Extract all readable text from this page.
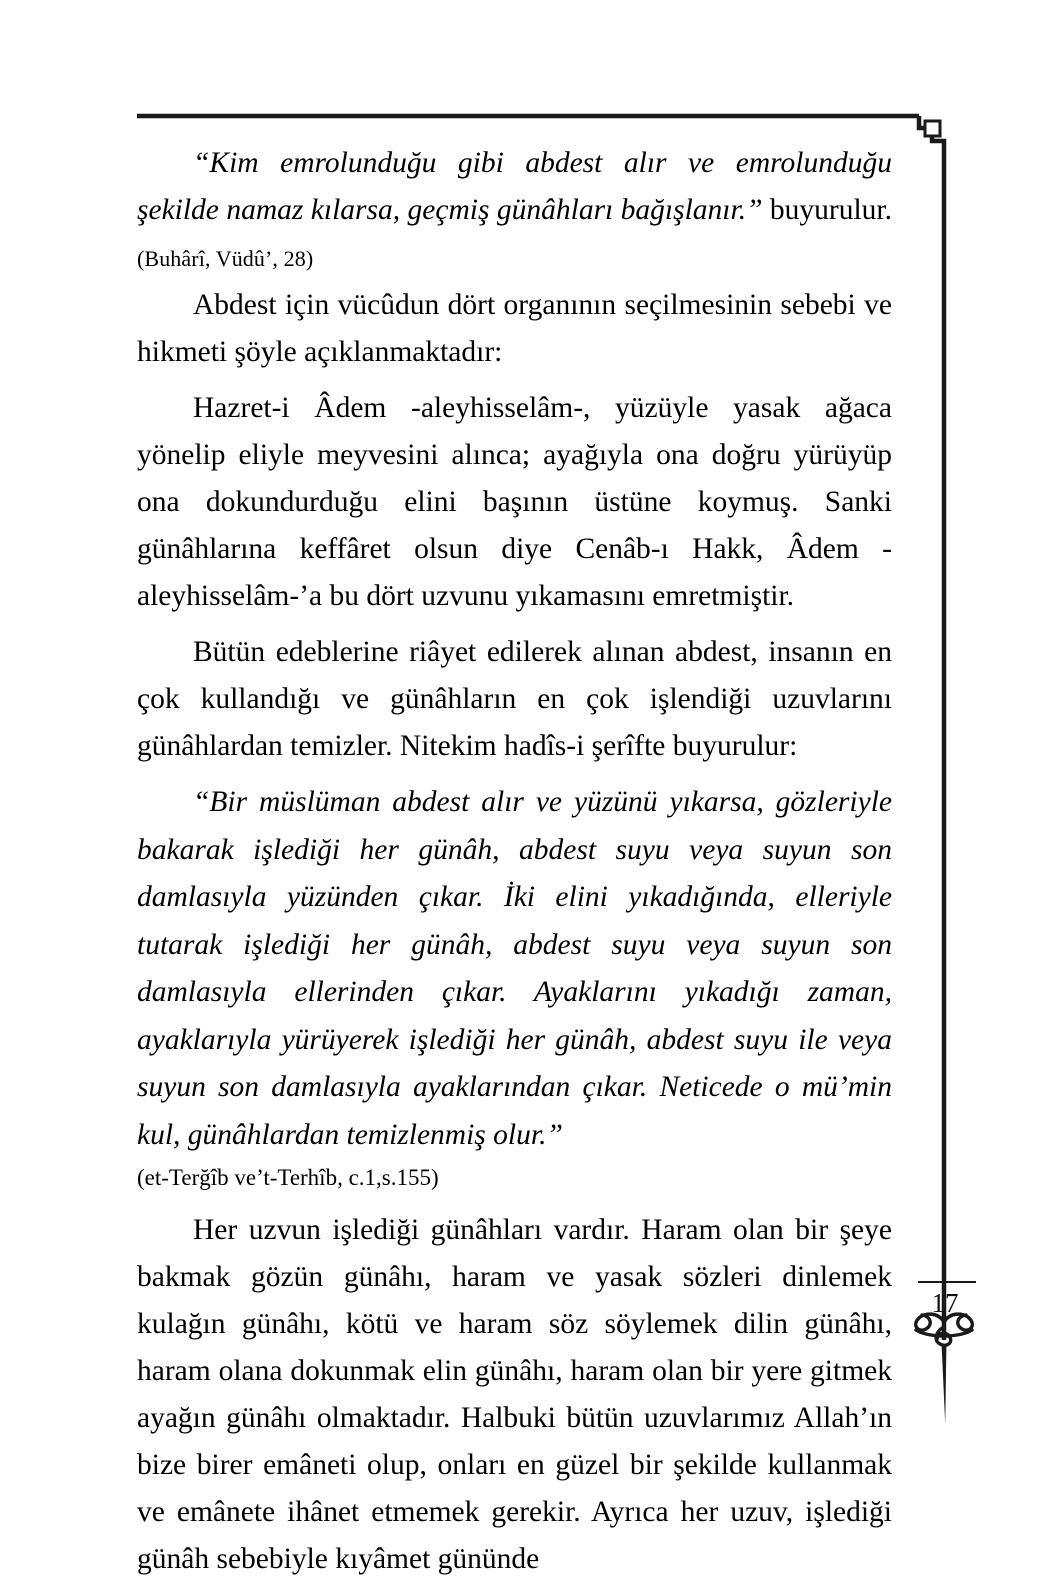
17

“Kim emrolunduğu gibi abdest alır ve emrolunduğu şekilde namaz kılarsa, geçmiş günâhları bağışlanır.” buyurulur. (Buhârî, Vüdû’, 28)

Abdest için vücûdun dört organının seçilmesinin sebebi ve hikmeti şöyle açıklanmaktadır:

Hazret-i Âdem -aleyhisselâm-, yüzüyle yasak ağaca yönelip eliyle meyvesini alınca; ayağıyla ona doğru yürüyüp ona dokundurduğu elini başının üstüne koymuş. Sanki günâhlarına keffâret olsun diye Cenâb-ı Hakk, Âdem -aleyhisselâm-’a bu dört uzvunu yıkamasını emretmiştir.

Bütün edeblerine riâyet edilerek alınan abdest, insanın en çok kullandığı ve günâhların en çok işlendiği uzuvlarını günâhlardan temizler. Nitekim hadîs-i şerîfte buyurulur:

“Bir müslüman abdest alır ve yüzünü yıkarsa, gözleriyle bakarak işlediği her günâh, abdest suyu veya suyun son damlasıyla yüzünden çıkar. İki elini yıkadığında, elleriyle tutarak işlediği her günâh, abdest suyu veya suyun son damlasıyla ellerinden çıkar. Ayaklarını yıkadığı zaman, ayaklarıyla yürüyerek işlediği her günâh, abdest suyu ile veya suyun son damlasıyla ayaklarından çıkar. Neticede o mü’min kul, günâhlardan temizlenmiş olur.”

(et-Terğîb ve’t-Terhîb, c.1,s.155)

Her uzvun işlediği günâhları vardır. Haram olan bir şeye bakmak gözün günâhı, haram ve yasak sözleri dinlemek kulağın günâhı, kötü ve haram söz söylemek dilin günâhı, haram olana dokunmak elin günâhı, haram olan bir yere gitmek ayağın günâhı olmaktadır. Halbuki bütün uzuvlarımız Allah’ın bize birer emâneti olup, onları en güzel bir şekilde kullanmak ve emânete ihânet etmemek gerekir. Ayrıca her uzuv, işlediği günâh sebebiyle kıyâmet gününde
